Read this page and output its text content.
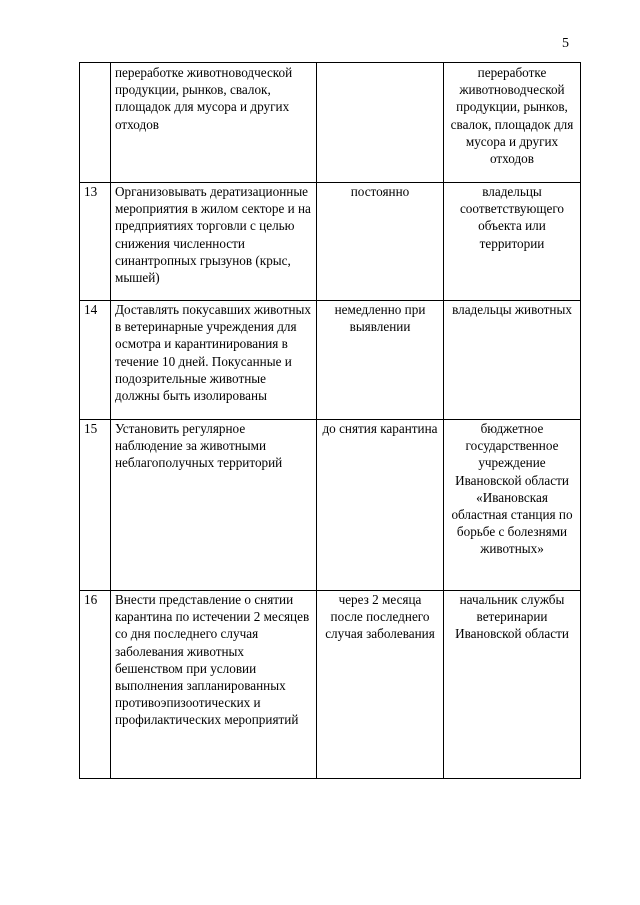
5
	переработке животноводческой продукции, рынков, свалок, площадок для мусора и других отходов		переработке животноводческой продукции, рынков, свалок, площадок для мусора и других отходов
13	Организовывать дератизационные мероприятия в жилом секторе и на предприятиях торговли с целью снижения численности синантропных грызунов (крыс, мышей)	постоянно	владельцы соответствующего объекта или территории
14	Доставлять покусавших животных в ветеринарные учреждения для осмотра и карантинирования в течение 10 дней. Покусанные и подозрительные животные должны быть изолированы	немедленно при выявлении	владельцы животных
15	Установить регулярное наблюдение за животными неблагополучных территорий	до снятия карантина	бюджетное государственное учреждение Ивановской области «Ивановская областная станция по борьбе с болезнями животных»
16	Внести представление о снятии карантина по истечении 2 месяцев со дня последнего случая заболевания животных бешенством при условии выполнения запланированных противоэпизоотических и профилактических мероприятий	через 2 месяца после последнего случая заболевания	начальник службы ветеринарии Ивановской области
